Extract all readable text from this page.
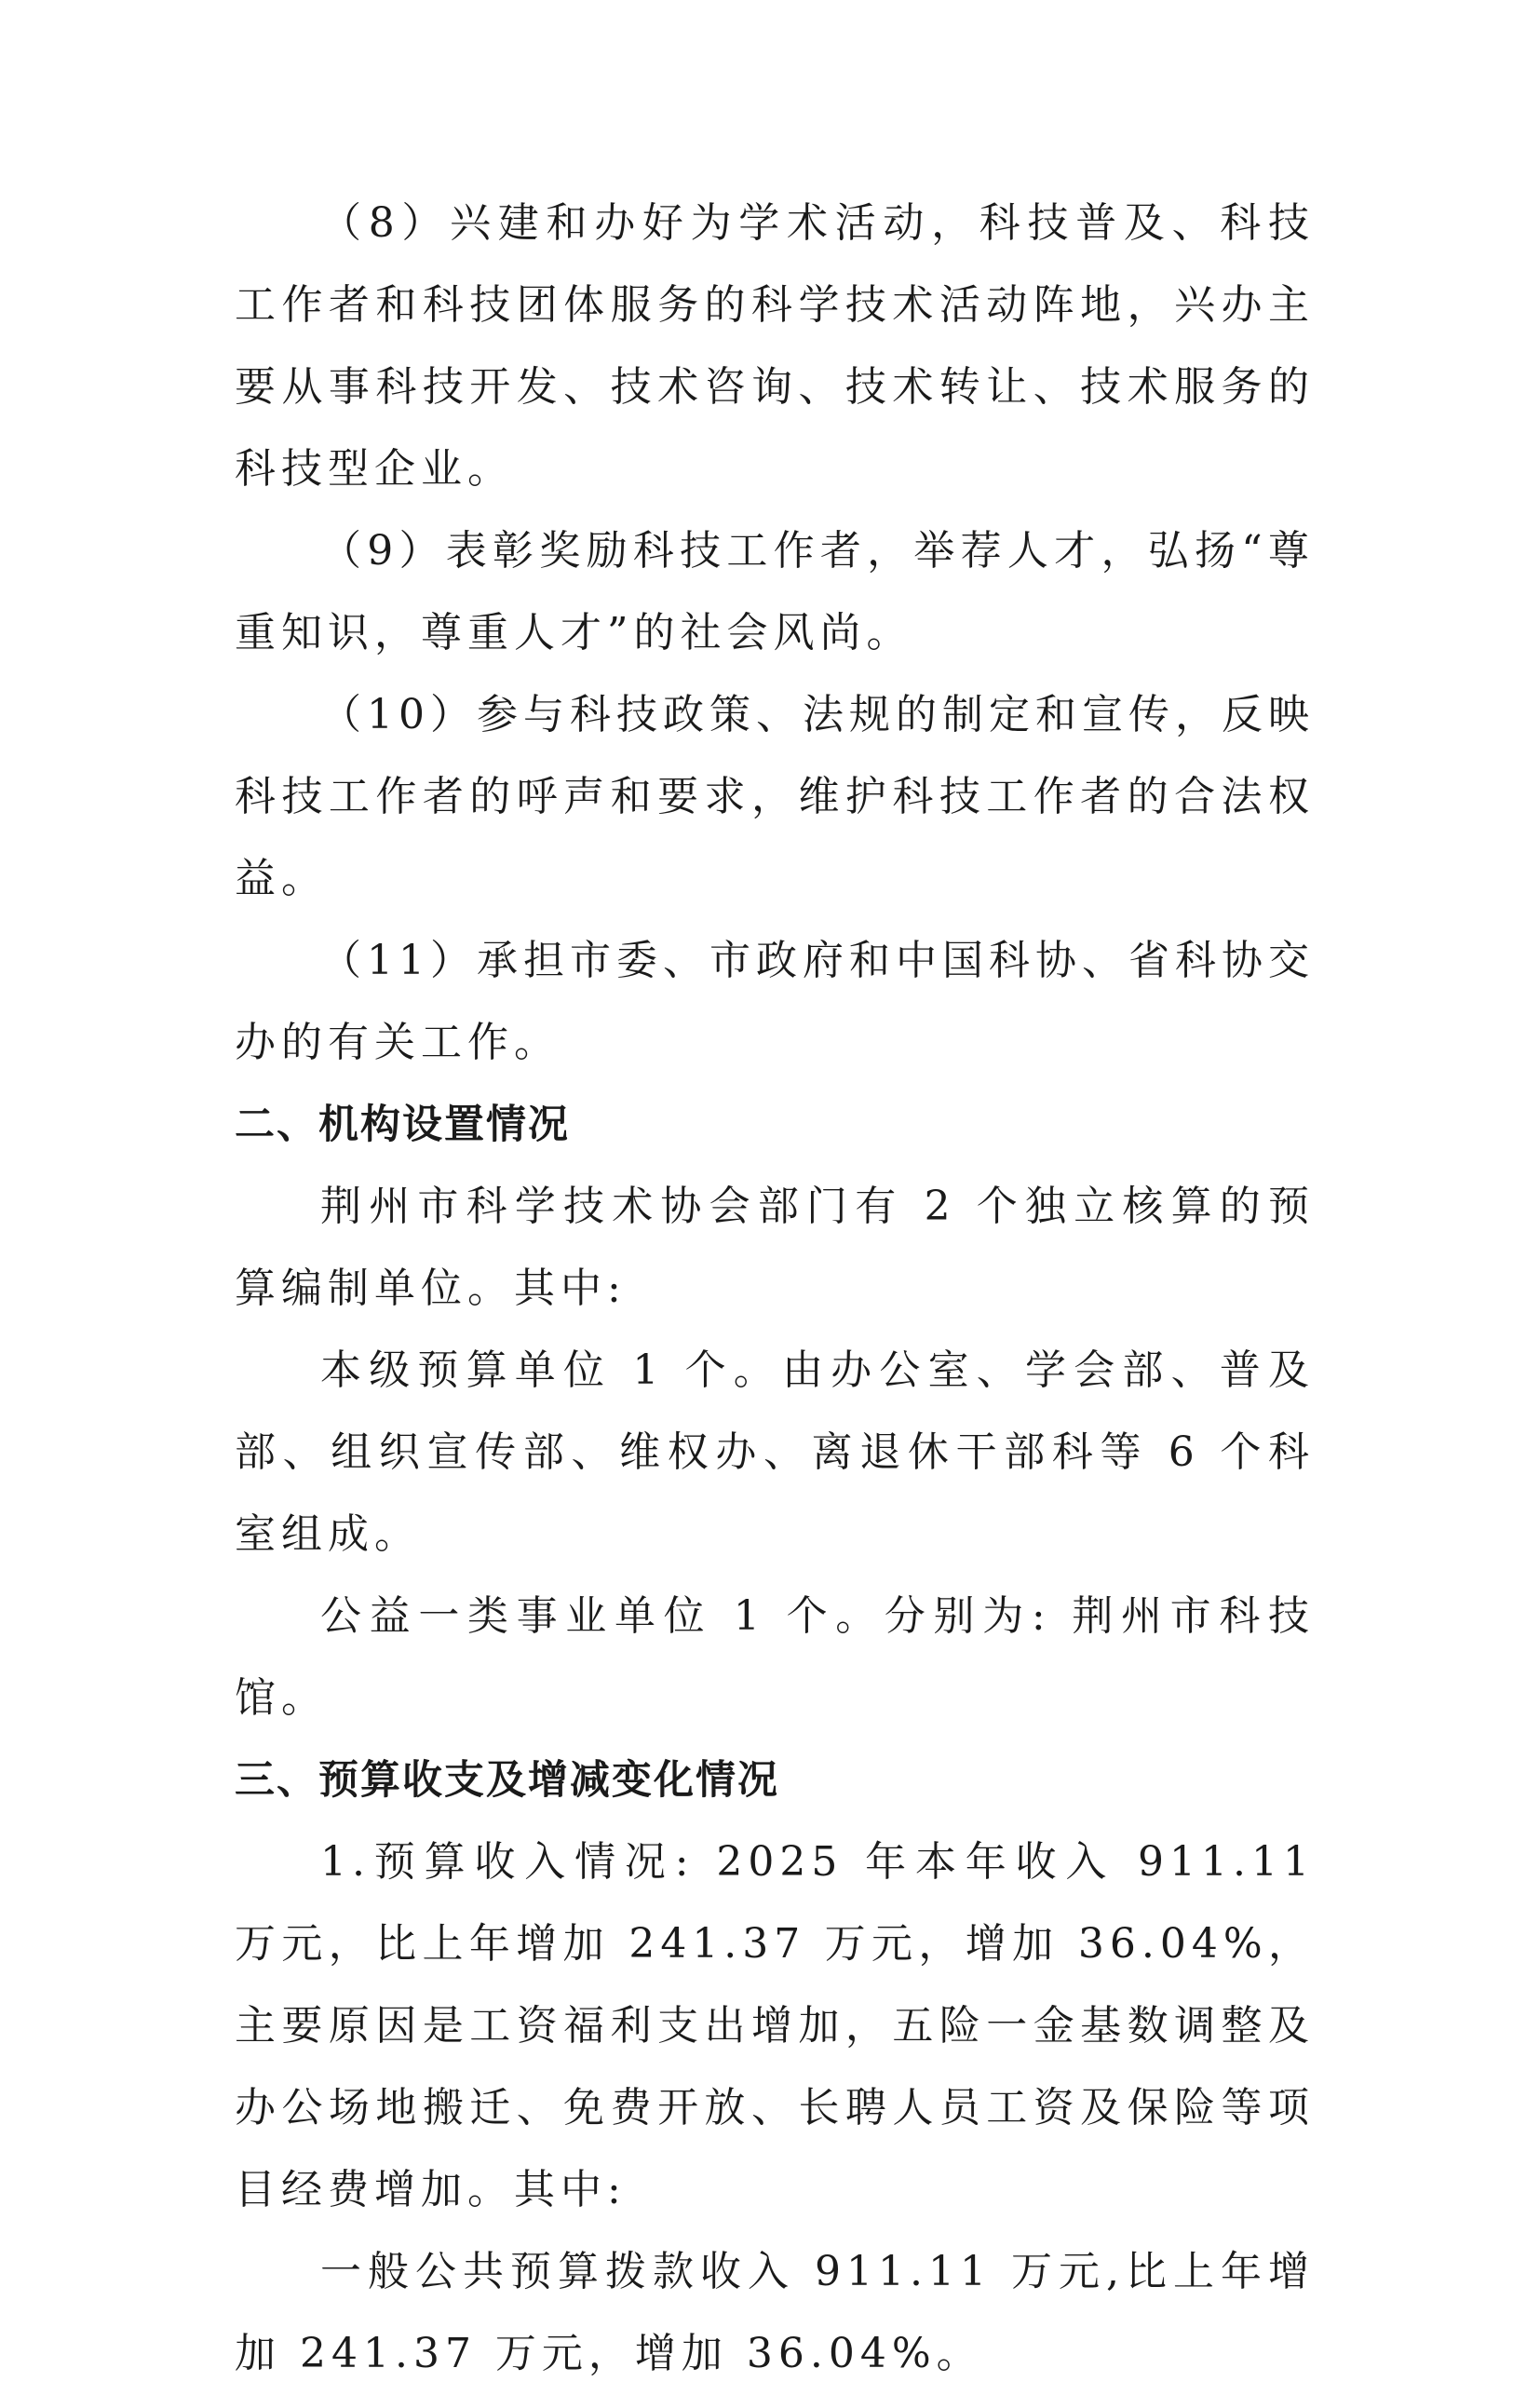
（8）兴建和办好为学术活动，科技普及、科技工作者和科技团体服务的科学技术活动阵地，兴办主要从事科技开发、技术咨询、技术转让、技术服务的科技型企业。

（9）表彰奖励科技工作者，举荐人才，弘扬“尊重知识，尊重人才”的社会风尚。

（10）参与科技政策、法规的制定和宣传，反映科技工作者的呼声和要求，维护科技工作者的合法权益。

（11）承担市委、市政府和中国科协、省科协交办的有关工作。

二、机构设置情况

荆州市科学技术协会部门有 2 个独立核算的预算编制单位。其中:

本级预算单位 1 个。由办公室、学会部、普及部、组织宣传部、维权办、离退休干部科等 6 个科室组成。

公益一类事业单位 1 个。分别为: 荆州市科技馆。

三、预算收支及增减变化情况

1.预算收入情况: 2025 年本年收入 911.11 万元，比上年增加 241.37 万元，增加 36.04%，主要原因是工资福利支出增加，五险一金基数调整及办公场地搬迁、免费开放、长聘人员工资及保险等项目经费增加。其中:

一般公共预算拨款收入 911.11 万元,比上年增加 241.37 万元，增加 36.04%。
